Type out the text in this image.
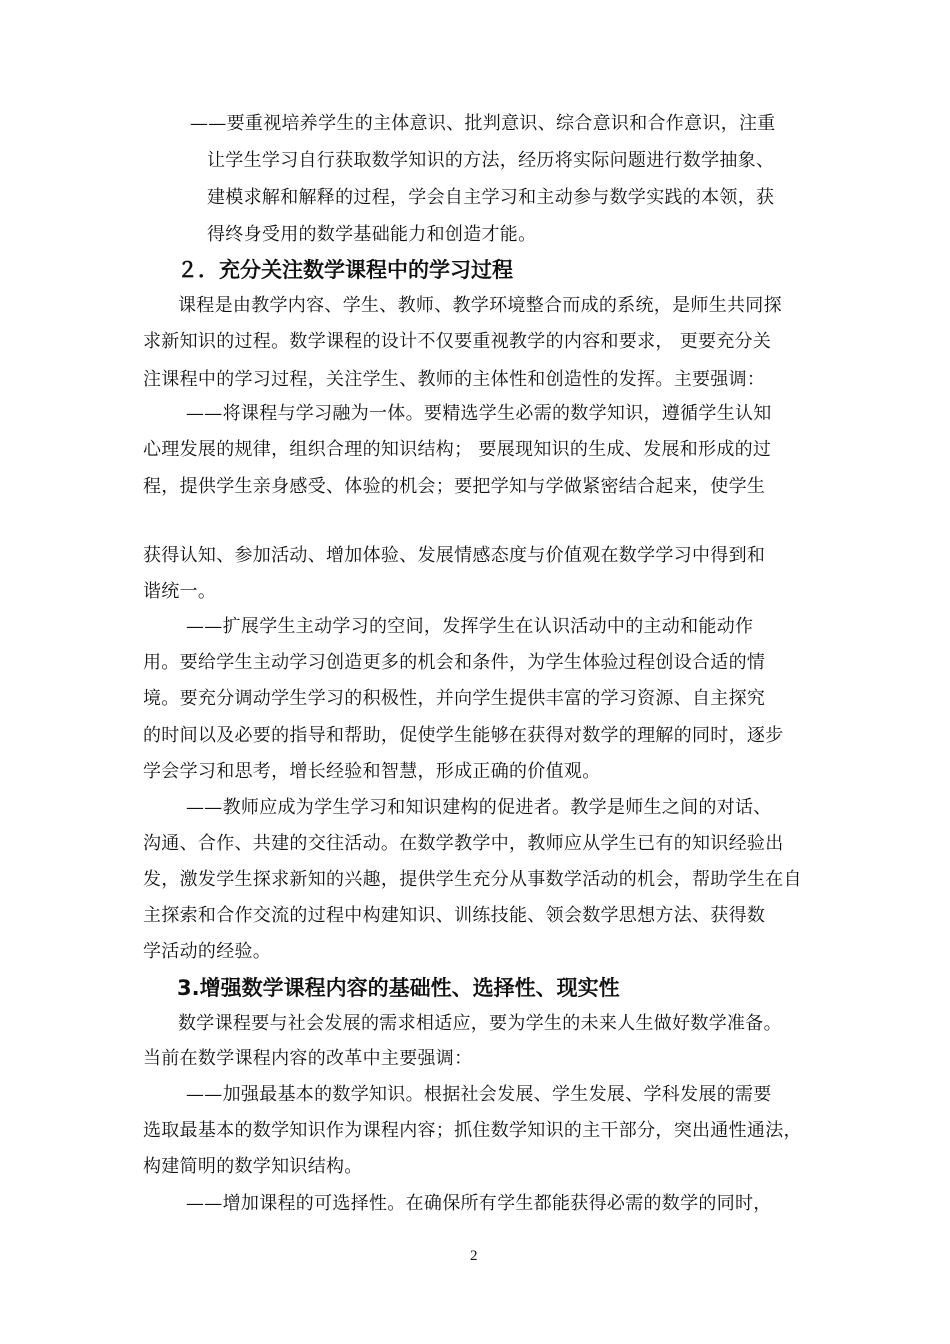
——要重视培养学生的主体意识、批判意识、综合意识和合作意识，注重
让学生学习自行获取数学知识的方法，经历将实际问题进行数学抽象、
建模求解和解释的过程，学会自主学习和主动参与数学实践的本领，获
得终身受用的数学基础能力和创造才能。
２．充分关注数学课程中的学习过程
课程是由教学内容、学生、教师、教学环境整合而成的系统，是师生共同探
求新知识的过程。数学课程的设计不仅要重视教学的内容和要求， 更要充分关
注课程中的学习过程，关注学生、教师的主体性和创造性的发挥。主要强调：
——将课程与学习融为一体。要精选学生必需的数学知识，遵循学生认知
心理发展的规律，组织合理的知识结构； 要展现知识的生成、发展和形成的过
程，提供学生亲身感受、体验的机会；要把学知与学做紧密结合起来，使学生
获得认知、参加活动、增加体验、发展情感态度与价值观在数学学习中得到和
谐统一。
——扩展学生主动学习的空间，发挥学生在认识活动中的主动和能动作
用。要给学生主动学习创造更多的机会和条件，为学生体验过程创设合适的情
境。要充分调动学生学习的积极性，并向学生提供丰富的学习资源、自主探究
的时间以及必要的指导和帮助，促使学生能够在获得对数学的理解的同时，逐步
学会学习和思考，增长经验和智慧，形成正确的价值观。
——教师应成为学生学习和知识建构的促进者。教学是师生之间的对话、
沟通、合作、共建的交往活动。在数学教学中，教师应从学生已有的知识经验出
发，激发学生探求新知的兴趣，提供学生充分从事数学活动的机会，帮助学生在自
主探索和合作交流的过程中构建知识、训练技能、领会数学思想方法、获得数
学活动的经验。
3.增强数学课程内容的基础性、选择性、现实性
数学课程要与社会发展的需求相适应，要为学生的未来人生做好数学准备。
当前在数学课程内容的改革中主要强调：
——加强最基本的数学知识。根据社会发展、学生发展、学科发展的需要
选取最基本的数学知识作为课程内容；抓住数学知识的主干部分，突出通性通法，
构建简明的数学知识结构。
——增加课程的可选择性。在确保所有学生都能获得必需的数学的同时，
2
